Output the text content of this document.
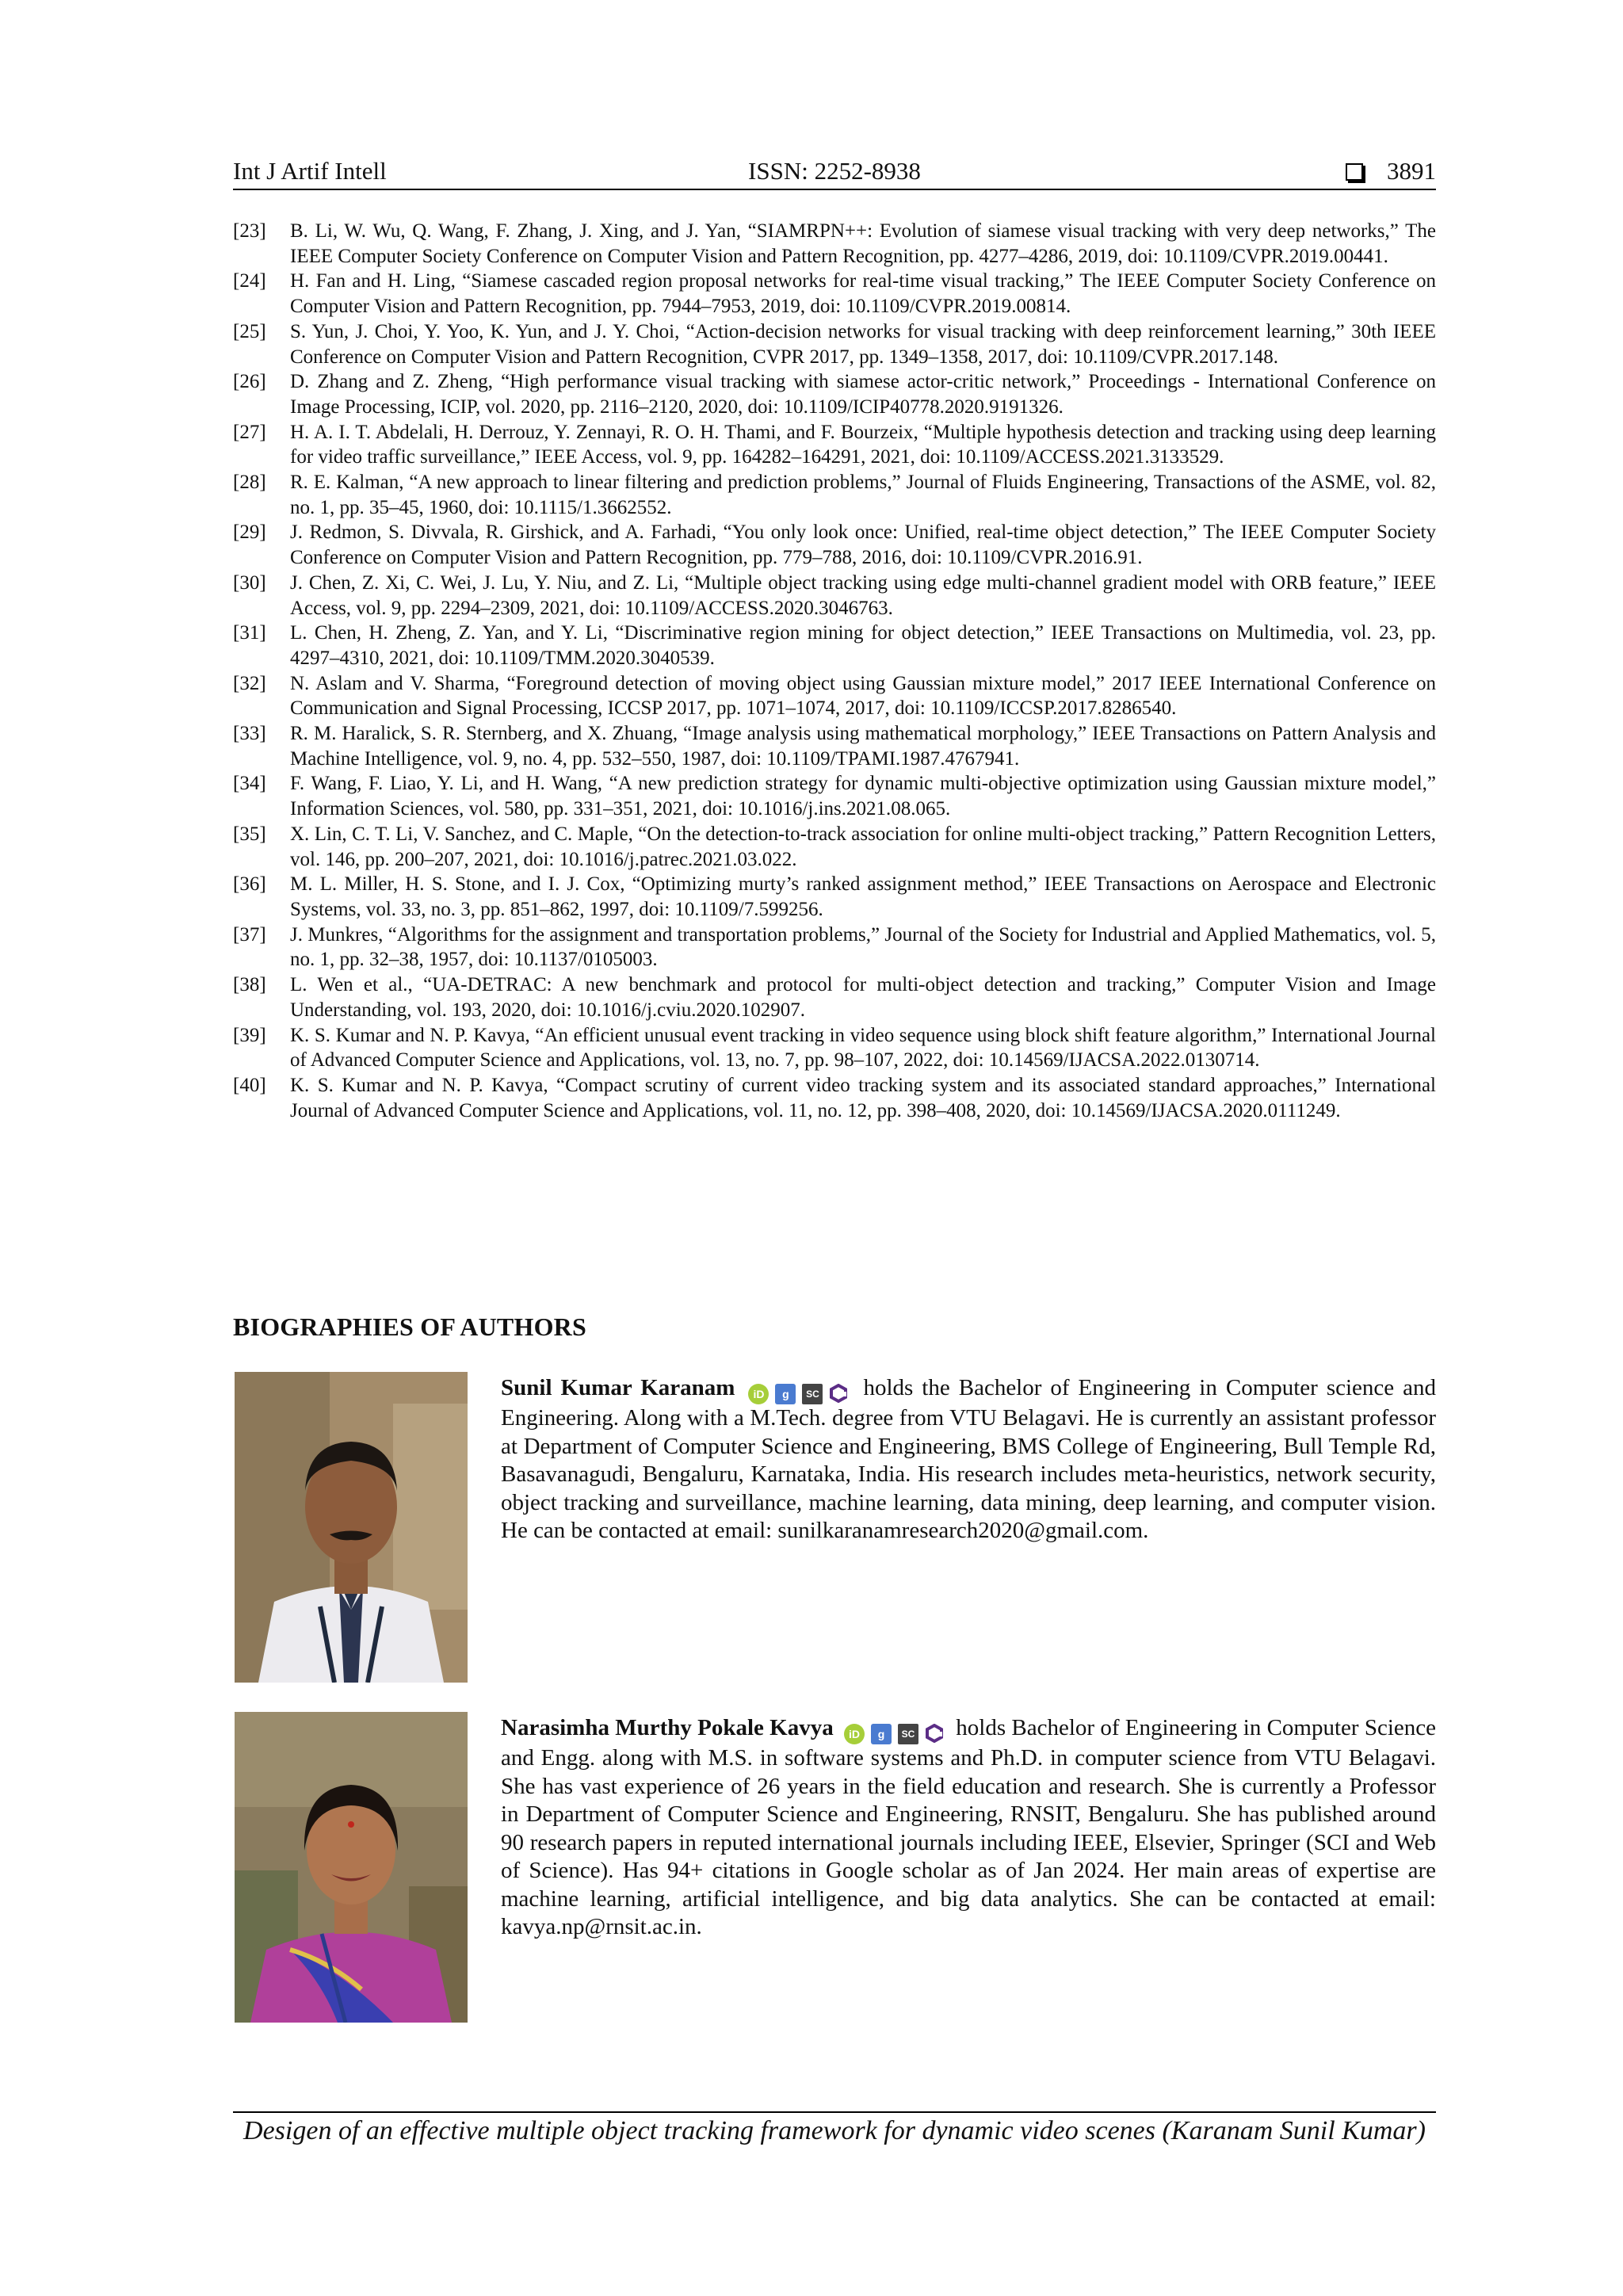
Int J Artif Intell	ISSN: 2252-8938	3891
[23]	B. Li, W. Wu, Q. Wang, F. Zhang, J. Xing, and J. Yan, “SIAMRPN++: Evolution of siamese visual tracking with very deep networks,” The IEEE Computer Society Conference on Computer Vision and Pattern Recognition, pp. 4277–4286, 2019, doi: 10.1109/CVPR.2019.00441.
[24]	H. Fan and H. Ling, “Siamese cascaded region proposal networks for real-time visual tracking,” The IEEE Computer Society Conference on Computer Vision and Pattern Recognition, pp. 7944–7953, 2019, doi: 10.1109/CVPR.2019.00814.
[25]	S. Yun, J. Choi, Y. Yoo, K. Yun, and J. Y. Choi, “Action-decision networks for visual tracking with deep reinforcement learning,” 30th IEEE Conference on Computer Vision and Pattern Recognition, CVPR 2017, pp. 1349–1358, 2017, doi: 10.1109/CVPR.2017.148.
[26]	D. Zhang and Z. Zheng, “High performance visual tracking with siamese actor-critic network,” Proceedings - International Conference on Image Processing, ICIP, vol. 2020, pp. 2116–2120, 2020, doi: 10.1109/ICIP40778.2020.9191326.
[27]	H. A. I. T. Abdelali, H. Derrouz, Y. Zennayi, R. O. H. Thami, and F. Bourzeix, “Multiple hypothesis detection and tracking using deep learning for video traffic surveillance,” IEEE Access, vol. 9, pp. 164282–164291, 2021, doi: 10.1109/ACCESS.2021.3133529.
[28]	R. E. Kalman, “A new approach to linear filtering and prediction problems,” Journal of Fluids Engineering, Transactions of the ASME, vol. 82, no. 1, pp. 35–45, 1960, doi: 10.1115/1.3662552.
[29]	J. Redmon, S. Divvala, R. Girshick, and A. Farhadi, “You only look once: Unified, real-time object detection,” The IEEE Computer Society Conference on Computer Vision and Pattern Recognition, pp. 779–788, 2016, doi: 10.1109/CVPR.2016.91.
[30]	J. Chen, Z. Xi, C. Wei, J. Lu, Y. Niu, and Z. Li, “Multiple object tracking using edge multi-channel gradient model with ORB feature,” IEEE Access, vol. 9, pp. 2294–2309, 2021, doi: 10.1109/ACCESS.2020.3046763.
[31]	L. Chen, H. Zheng, Z. Yan, and Y. Li, “Discriminative region mining for object detection,” IEEE Transactions on Multimedia, vol. 23, pp. 4297–4310, 2021, doi: 10.1109/TMM.2020.3040539.
[32]	N. Aslam and V. Sharma, “Foreground detection of moving object using Gaussian mixture model,” 2017 IEEE International Conference on Communication and Signal Processing, ICCSP 2017, pp. 1071–1074, 2017, doi: 10.1109/ICCSP.2017.8286540.
[33]	R. M. Haralick, S. R. Sternberg, and X. Zhuang, “Image analysis using mathematical morphology,” IEEE Transactions on Pattern Analysis and Machine Intelligence, vol. 9, no. 4, pp. 532–550, 1987, doi: 10.1109/TPAMI.1987.4767941.
[34]	F. Wang, F. Liao, Y. Li, and H. Wang, “A new prediction strategy for dynamic multi-objective optimization using Gaussian mixture model,” Information Sciences, vol. 580, pp. 331–351, 2021, doi: 10.1016/j.ins.2021.08.065.
[35]	X. Lin, C. T. Li, V. Sanchez, and C. Maple, “On the detection-to-track association for online multi-object tracking,” Pattern Recognition Letters, vol. 146, pp. 200–207, 2021, doi: 10.1016/j.patrec.2021.03.022.
[36]	M. L. Miller, H. S. Stone, and I. J. Cox, “Optimizing murty’s ranked assignment method,” IEEE Transactions on Aerospace and Electronic Systems, vol. 33, no. 3, pp. 851–862, 1997, doi: 10.1109/7.599256.
[37]	J. Munkres, “Algorithms for the assignment and transportation problems,” Journal of the Society for Industrial and Applied Mathematics, vol. 5, no. 1, pp. 32–38, 1957, doi: 10.1137/0105003.
[38]	L. Wen et al., “UA-DETRAC: A new benchmark and protocol for multi-object detection and tracking,” Computer Vision and Image Understanding, vol. 193, 2020, doi: 10.1016/j.cviu.2020.102907.
[39]	K. S. Kumar and N. P. Kavya, “An efficient unusual event tracking in video sequence using block shift feature algorithm,” International Journal of Advanced Computer Science and Applications, vol. 13, no. 7, pp. 98–107, 2022, doi: 10.14569/IJACSA.2022.0130714.
[40]	K. S. Kumar and N. P. Kavya, “Compact scrutiny of current video tracking system and its associated standard approaches,” International Journal of Advanced Computer Science and Applications, vol. 11, no. 12, pp. 398–408, 2020, doi: 10.14569/IJACSA.2020.0111249.
BIOGRAPHIES OF AUTHORS
Sunil Kumar Karanam	iD	g	SC holds the Bachelor of Engineering in Computer science and Engineering. Along with a M.Tech. degree from VTU Belagavi. He is currently an assistant professor at Department of Computer Science and Engineering, BMS College of Engineering, Bull Temple Rd, Basavanagudi, Bengaluru, Karnataka, India. His research includes meta-heuristics, network security, object tracking and surveillance, machine learning, data mining, deep learning, and computer vision. He can be contacted at email: sunilkaranamresearch2020@gmail.com.
Narasimha Murthy Pokale Kavya	iD	g	SC holds Bachelor of Engineering in Computer Science and Engg. along with M.S. in software systems and Ph.D. in computer science from VTU Belagavi. She has vast experience of 26 years in the field education and research. She is currently a Professor in Department of Computer Science and Engineering, RNSIT, Bengaluru. She has published around 90 research papers in reputed international journals including IEEE, Elsevier, Springer (SCI and Web of Science). Has 94+ citations in Google scholar as of Jan 2024. Her main areas of expertise are machine learning, artificial intelligence, and big data analytics. She can be contacted at email: kavya.np@rnsit.ac.in.
Desigen of an effective multiple object tracking framework for dynamic video scenes (Karanam Sunil Kumar)
